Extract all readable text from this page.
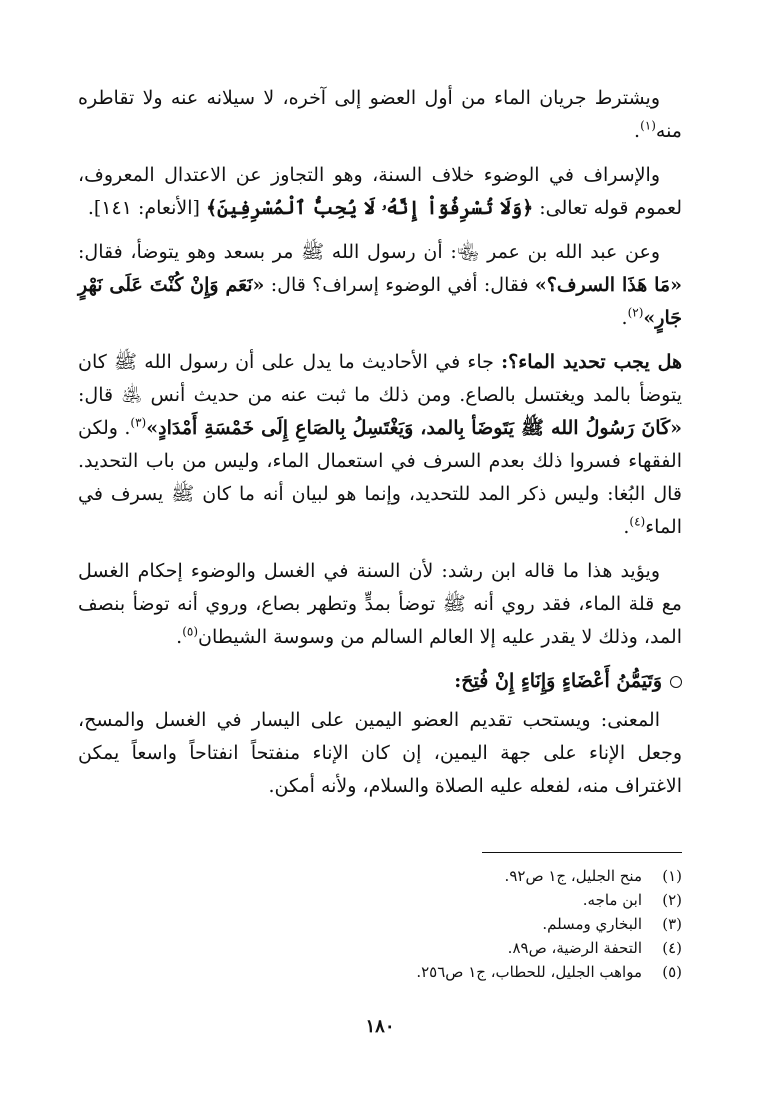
ويشترط جريان الماء من أول العضو إلى آخره، لا سيلانه عنه ولا تقاطره منه$^{(١)}$.

والإسراف في الوضوء خلاف السنة، وهو التجاوز عن الاعتدال المعروف، لعموم قوله تعالى: ﴿وَلَا تُسْرِفُوٓاْ إِنَّهُۥ لَا يُحِبُّ ٱلْمُسْرِفِينَ﴾ [الأنعام: ١٤١].

وعن عبد الله بن عمر ﵄: أن رسول الله ﷺ مر بسعد وهو يتوضأ، فقال: «مَا هَذَا السرف؟» فقال: أفي الوضوء إسراف؟ قال: «نَعَم وَإِنْ كُنْتَ عَلَى نَهْرٍ جَارٍ»$^{(٢)}$.

هل يجب تحديد الماء؟: جاء في الأحاديث ما يدل على أن رسول الله ﷺ كان يتوضأ بالمد ويغتسل بالصاع. ومن ذلك ما ثبت عنه من حديث أنس ﵁ قال: «كَانَ رَسُولُ الله ﷺ يَتَوضَأ بِالمد، وَيَغْتَسِلُ بِالصَاعِ إِلَى خَمْسَةِ أَمْدَادٍ»$^{(٣)}$. ولكن الفقهاء فسروا ذلك بعدم السرف في استعمال الماء، وليس من باب التحديد. قال البُغا: وليس ذكر المد للتحديد، وإنما هو لبيان أنه ما كان ﷺ يسرف في الماء$^{(٤)}$.

ويؤيد هذا ما قاله ابن رشد: لأن السنة في الغسل والوضوء إحكام الغسل مع قلة الماء، فقد روي أنه ﷺ توضأ بمدٍّ وتطهر بصاع، وروي أنه توضأ بنصف المد، وذلك لا يقدر عليه إلا العالم السالم من وسوسة الشيطان$^{(٥)}$.

وَتَيَمُّنُ أَعْضَاءٍ وَإِنَاءٍ إِنْ فُتِحَ:

المعنى: ويستحب تقديم العضو اليمين على اليسار في الغسل والمسح، وجعل الإناء على جهة اليمين، إن كان الإناء منفتحاً انفتاحاً واسعاً يمكن الاغتراف منه، لفعله عليه الصلاة والسلام، ولأنه أمكن.

(١)
منح الجليل، ج١ ص٩٢.
(٢)
ابن ماجه.
(٣)
البخاري ومسلم.
(٤)
التحفة الرضية، ص٨٩.
(٥)
مواهب الجليل، للحطاب، ج١ ص٢٥٦.
١٨٠
